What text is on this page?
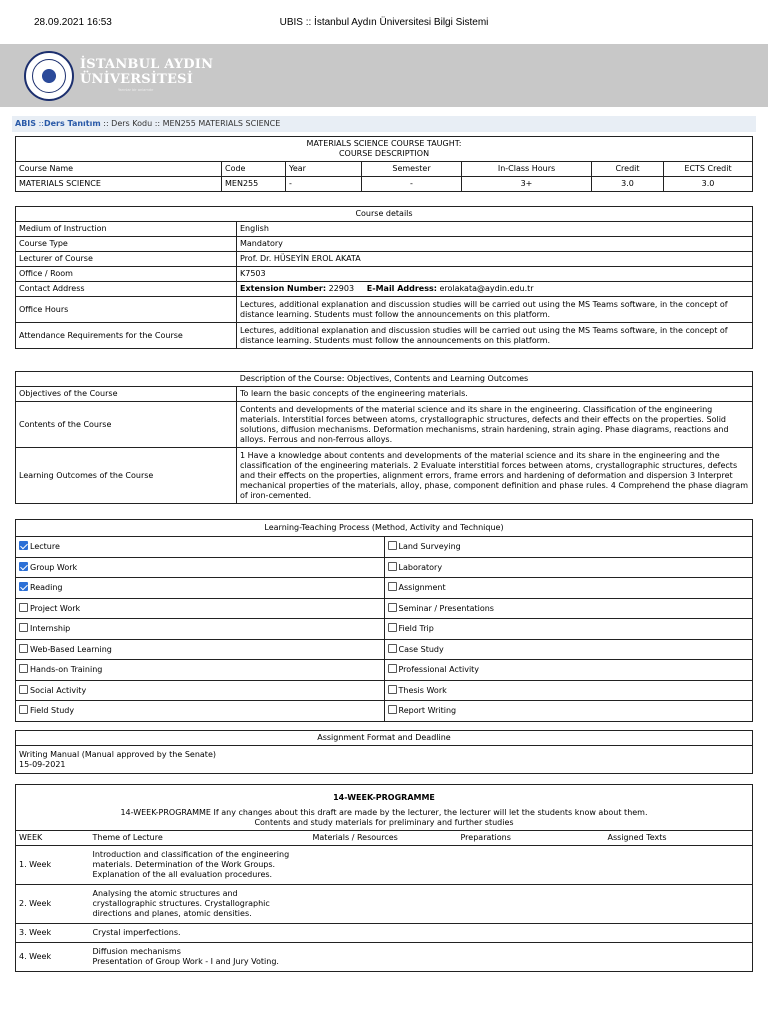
28.09.2021 16:53	UBIS :: İstanbul Aydın Üniversitesi Bilgi Sistemi
İSTANBUL AYDIN
ÜNİVERSİTESİ
Yarınlar bir anlamdır
ABIS ::Ders Tanıtım :: Ders Kodu :: MEN255 MATERIALS SCIENCE
MATERIALS SCIENCE COURSE TAUGHT:
COURSE DESCRIPTION						

Course Name	Code	Year	Semester	In-Class Hours	Credit	ECTS Credit
MATERIALS SCIENCE	MEN255	-	-	3+	3.0	3.0
Course details	
Medium of Instruction	English
Course Type	Mandatory
Lecturer of Course	Prof. Dr. HÜSEYİN EROL AKATA
Office / Room	K7503
Contact Address	Extension Number: 22903 E-Mail Address: erolakata@aydin.edu.tr
Office Hours	Lectures, additional explanation and discussion studies will be carried out using the MS Teams software, in the concept of distance learning. Students must follow the announcements on this platform.
Attendance Requirements for the Course	Lectures, additional explanation and discussion studies will be carried out using the MS Teams software, in the concept of distance learning. Students must follow the announcements on this platform.
Description of the Course: Objectives, Contents and Learning Outcomes	
Objectives of the Course	To learn the basic concepts of the engineering materials.
Contents of the Course	Contents and developments of the material science and its share in the engineering. Classification of the engineering materials. Interstitial forces between atoms, crystallographic structures, defects and their effects on the properties. Solid solutions, diffusion mechanisms. Deformation mechanisms, strain hardening, strain aging. Phase diagrams, reactions and alloys. Ferrous and non-ferrous alloys.
Learning Outcomes of the Course	1 Have a knowledge about contents and developments of the material science and its share in the engineering and the classification of the engineering materials. 2 Evaluate interstitial forces between atoms, crystallographic structures, defects and their effects on the properties, alignment errors, frame errors and hardening of deformation and dispersion 3 Interpret mechanical properties of the materials, alloy, phase, component definition and phase rules. 4 Comprehend the phase diagram of iron-cemented.
Learning-Teaching Process (Method, Activity and Technique)	
Lecture	Land Surveying
Group Work	Laboratory
Reading	Assignment
Project Work	Seminar / Presentations
Internship	Field Trip
Web-Based Learning	Case Study
Hands-on Training	Professional Activity
Social Activity	Thesis Work
Field Study	Report Writing
Assignment Format and Deadline

Writing Manual (Manual approved by the Senate)
15-09-2021
14-WEEK-PROGRAMME
14-WEEK-PROGRAMME If any changes about this draft are made by the lecturer, the lecturer will let the students know about them.
Contents and study materials for preliminary and further studies				

WEEK	Theme of Lecture	Materials / Resources	Preparations	Assigned Texts
1. Week	Introduction and classification of the engineering
materials. Determination of the Work Groups.
Explanation of the all evaluation procedures.			

2. Week	Analysing the atomic structures and
crystallographic structures. Crystallographic
directions and planes, atomic densities.			

3. Week	Crystal imperfections.			

4. Week	Diffusion mechanisms
Presentation of Group Work - I and Jury Voting.			
